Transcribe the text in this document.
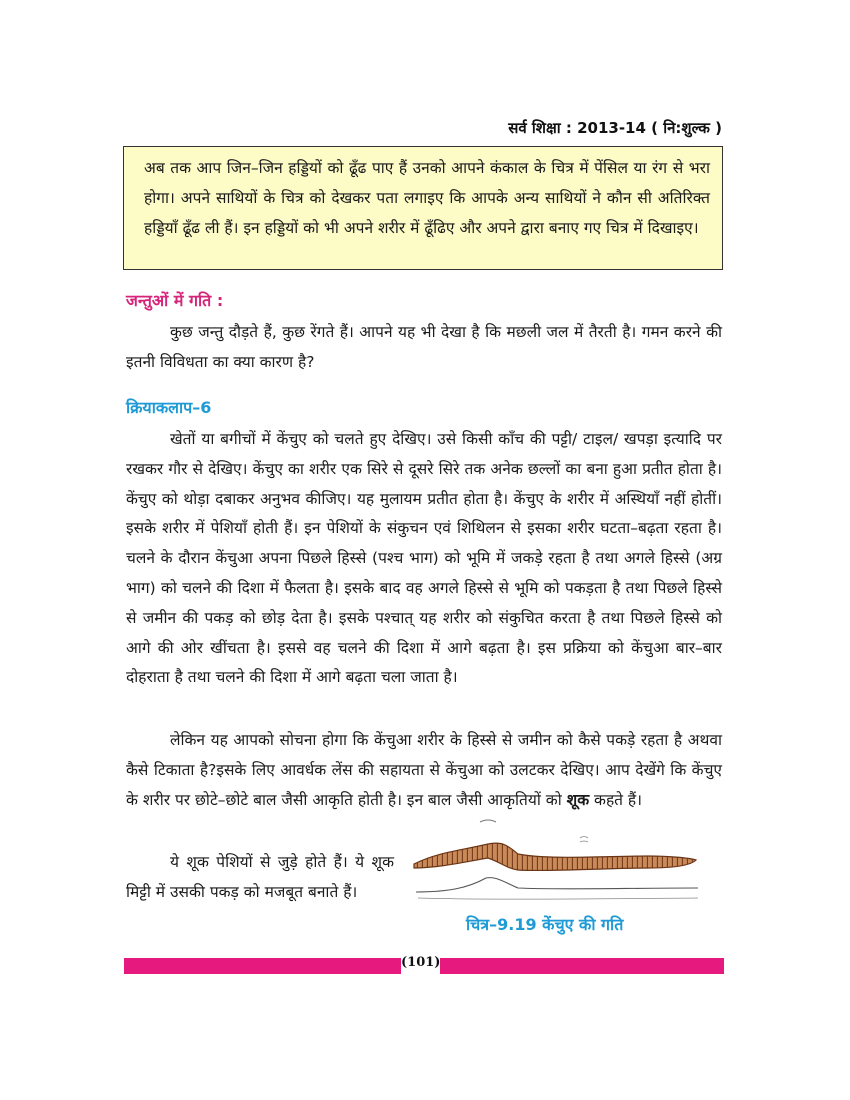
सर्व शिक्षा : 2013-14 ( नि:शुल्क )

अब तक आप जिन–जिन हड्डियों को ढूँढ पाए हैं उनको आपने कंकाल के चित्र में पेंसिल या रंग से भरा होगा। अपने साथियों के चित्र को देखकर पता लगाइए कि आपके अन्य साथियों ने कौन सी अतिरिक्त हड्डियाँ ढूँढ ली हैं। इन हड्डियों को भी अपने शरीर में ढूँढिए और अपने द्वारा बनाए गए चित्र में दिखाइए।

जन्तुओं में गति :

कुछ जन्तु दौड़ते हैं, कुछ रेंगते हैं। आपने यह भी देखा है कि मछली जल में तैरती है। गमन करने की इतनी विविधता का क्या कारण है?

क्रियाकलाप–6

खेतों या बगीचों में केंचुए को चलते हुए देखिए। उसे किसी काँच की पट्टी/ टाइल/ खपड़ा इत्यादि पर रखकर गौर से देखिए। केंचुए का शरीर एक सिरे से दूसरे सिरे तक अनेक छल्लों का बना हुआ प्रतीत होता है। केंचुए को थोड़ा दबाकर अनुभव कीजिए। यह मुलायम प्रतीत होता है। केंचुए के शरीर में अस्थियाँ नहीं होतीं। इसके शरीर में पेशियाँ होती हैं। इन पेशियों के संकुचन एवं शिथिलन से इसका शरीर घटता–बढ़ता रहता है। चलने के दौरान केंचुआ अपना पिछले हिस्से (पश्च भाग) को भूमि में जकड़े रहता है तथा अगले हिस्से (अग्र भाग) को चलने की दिशा में फैलता है। इसके बाद वह अगले हिस्से से भूमि को पकड़ता है तथा पिछले हिस्से से जमीन की पकड़ को छोड़ देता है। इसके पश्चात् यह शरीर को संकुचित करता है तथा पिछले हिस्से को आगे की ओर खींचता है। इससे वह चलने की दिशा में आगे बढ़ता है। इस प्रक्रिया को केंचुआ बार–बार दोहराता है तथा चलने की दिशा में आगे बढ़ता चला जाता है।

लेकिन यह आपको सोचना होगा कि केंचुआ शरीर के हिस्से से जमीन को कैसे पकड़े रहता है अथवा कैसे टिकाता है?इसके लिए आवर्धक लेंस की सहायता से केंचुआ को उलटकर देखिए। आप देखेंगे कि केंचुए के शरीर पर छोटे–छोटे बाल जैसी आकृति होती है। इन बाल जैसी आकृतियों को शूक कहते हैं।

ये शूक पेशियों से जुड़े होते हैं। ये शूक मिट्टी में उसकी पकड़ को मजबूत बनाते हैं।

चित्र–9.19 केंचुए की गति
(101)
